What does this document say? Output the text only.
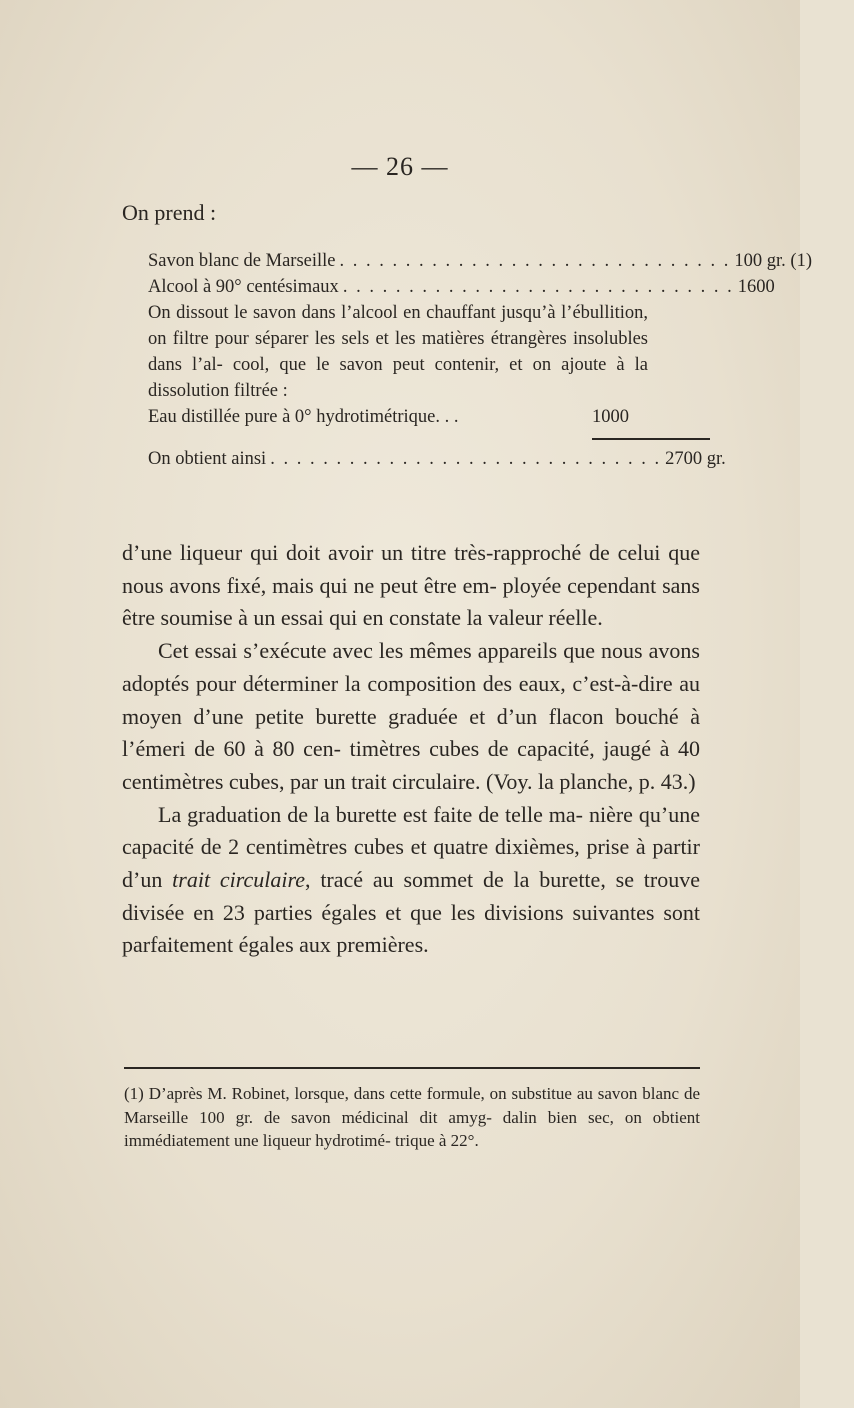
— 26 —
On prend :
Savon blanc de Marseille . . . . . . . . . . . . . . . . . . . . . . . . . . . . . . 100 gr. (1)
Alcool à 90° centésimaux . . . . . . . . . . . . . . . . . . . . . . . . . . . . . . 1600

On dissout le savon dans l’alcool en chauffant jusqu’à l’ébullition, on filtre pour séparer les sels et les matières étrangères insolubles dans l’al- cool, que le savon peut contenir, et on ajoute à la dissolution filtrée :

Eau distillée pure à 0° hydrotimétrique. . .	1000
On obtient ainsi . . . . . . . . . . . . . . . . . . . . . . . . . . . . . . 2700 gr.

d’une liqueur qui doit avoir un titre très-rapproché de celui que nous avons fixé, mais qui ne peut être em- ployée cependant sans être soumise à un essai qui en constate la valeur réelle.

Cet essai s’exécute avec les mêmes appareils que nous avons adoptés pour déterminer la composition des eaux, c’est-à-dire au moyen d’une petite burette graduée et d’un flacon bouché à l’émeri de 60 à 80 cen- timètres cubes de capacité, jaugé à 40 centimètres cubes, par un trait circulaire. (Voy. la planche, p. 43.)

La graduation de la burette est faite de telle ma- nière qu’une capacité de 2 centimètres cubes et quatre dixièmes, prise à partir d’un trait circulaire, tracé au sommet de la burette, se trouve divisée en 23 parties égales et que les divisions suivantes sont parfaitement égales aux premières.

(1) D’après M. Robinet, lorsque, dans cette formule, on substitue au savon blanc de Marseille 100 gr. de savon médicinal dit amyg- dalin bien sec, on obtient immédiatement une liqueur hydrotimé- trique à 22°.
